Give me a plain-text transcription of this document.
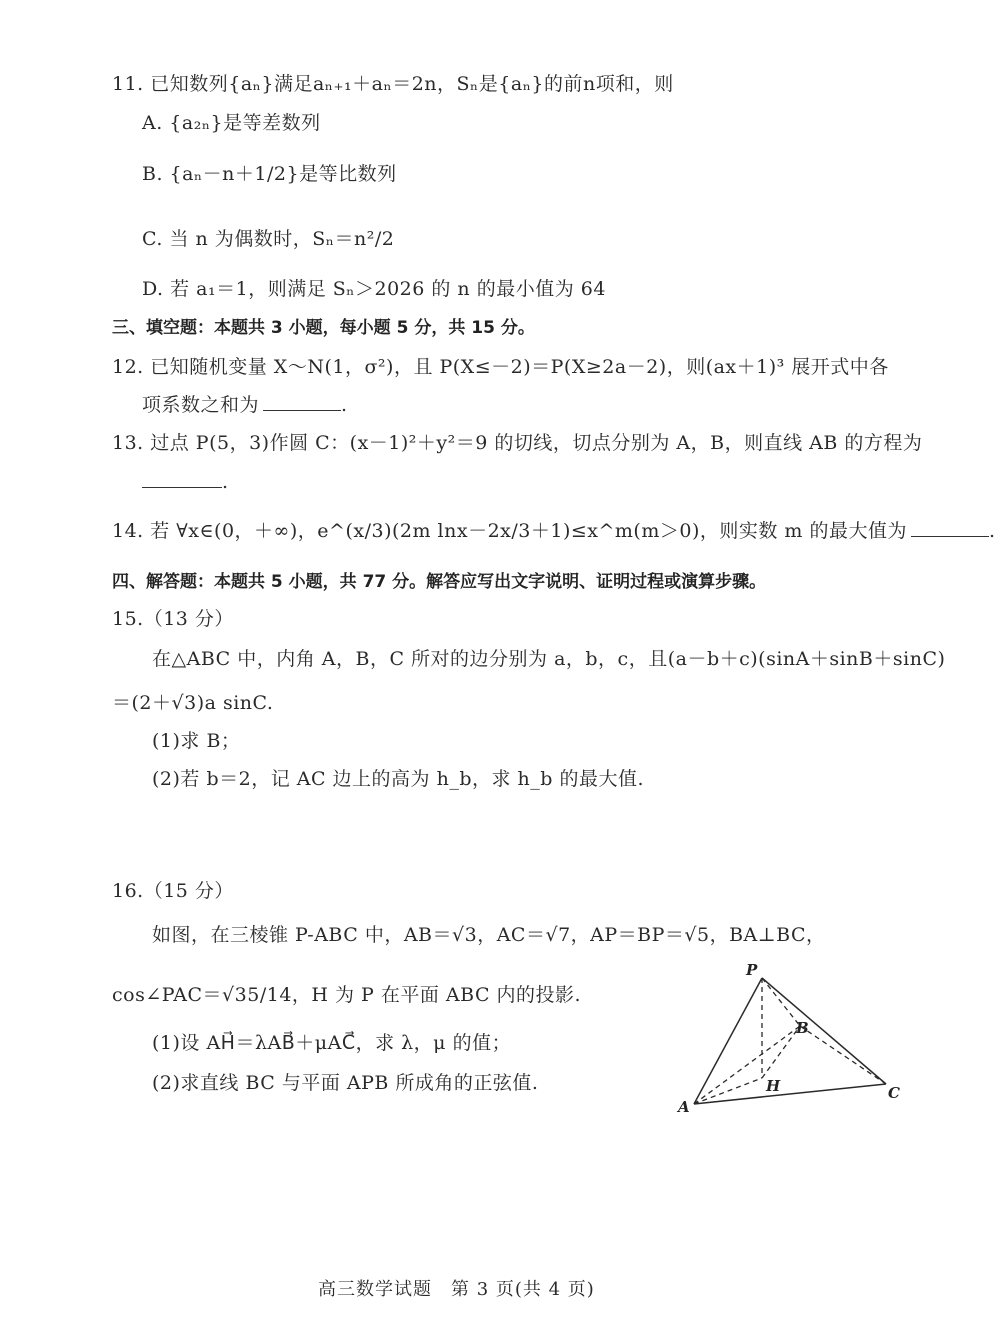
11. 已知数列{aₙ}满足aₙ₊₁＋aₙ＝2n，Sₙ是{aₙ}的前n项和，则
A. {a₂ₙ}是等差数列
B. {aₙ－n＋1/2}是等比数列
C. 当 n 为偶数时，Sₙ＝n²/2
D. 若 a₁＝1，则满足 Sₙ＞2026 的 n 的最小值为 64
三、填空题：本题共 3 小题，每小题 5 分，共 15 分。
12. 已知随机变量 X～N(1，σ²)，且 P(X≤－2)＝P(X≥2a－2)，则(ax＋1)³ 展开式中各
项系数之和为	.
13. 过点 P(5，3)作圆 C：(x－1)²＋y²＝9 的切线，切点分别为 A，B，则直线 AB 的方程为
.
14. 若 ∀x∈(0，＋∞)，e^(x/3)(2m lnx－2x/3＋1)≤x^m(m＞0)，则实数 m 的最大值为	.
四、解答题：本题共 5 小题，共 77 分。解答应写出文字说明、证明过程或演算步骤。
15.（13 分）
在△ABC 中，内角 A，B，C 所对的边分别为 a，b，c，且(a－b＋c)(sinA＋sinB＋sinC)
＝(2＋√3)a sinC.
(1)求 B；
(2)若 b＝2，记 AC 边上的高为 h_b，求 h_b 的最大值.
16.（15 分）
如图，在三棱锥 P-ABC 中，AB＝√3，AC＝√7，AP＝BP＝√5，BA⊥BC，
cos∠PAC＝√35/14，H 为 P 在平面 ABC 内的投影.
(1)设 AH⃗＝λAB⃗＋μAC⃗，求 λ，μ 的值；
(2)求直线 BC 与平面 APB 所成角的正弦值.
P
A
B
C
H
高三数学试题　第 3 页(共 4 页)
